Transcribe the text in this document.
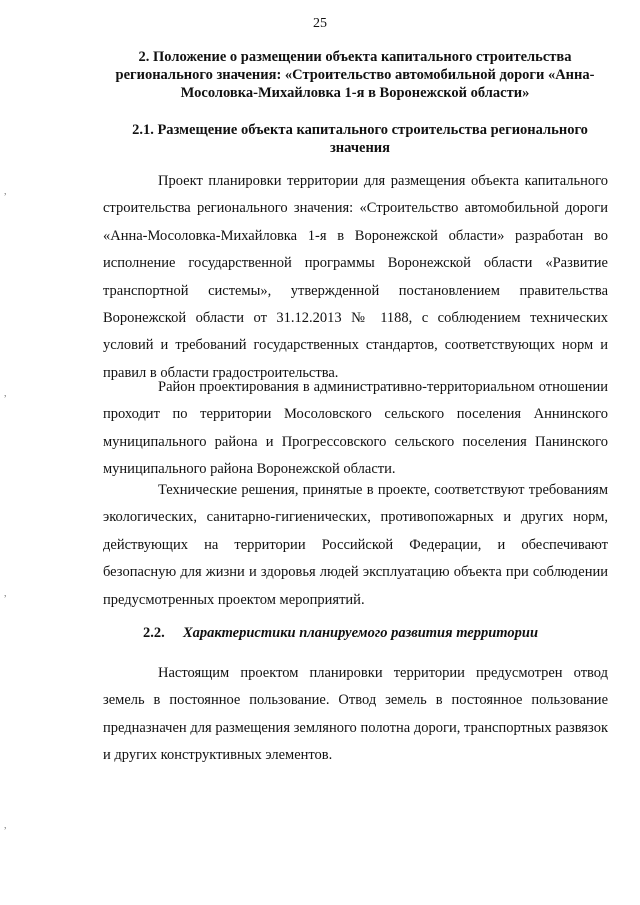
25
2. Положение о размещении объекта капитального строительства регионального значения: «Строительство автомобильной дороги «Анна-Мосоловка-Михайловка 1-я в Воронежской области»
2.1. Размещение объекта капитального строительства регионального значения

Проект планировки территории для размещения объекта капитального строительства регионального значения: «Строительство автомобильной дороги «Анна-Мосоловка-Михайловка 1-я в Воронежской области» разработан во исполнение государственной программы Воронежской области «Развитие транспортной системы», утвержденной постановлением правительства Воронежской области от 31.12.2013 № 1188, с соблюдением технических условий и требований государственных стандартов, соответствующих норм и правил в области градостроительства.

Район проектирования в административно-территориальном отношении проходит по территории Мосоловского сельского поселения Аннинского муниципального района и Прогрессовского сельского поселения Панинского муниципального района Воронежской области.

Технические решения, принятые в проекте, соответствуют требованиям экологических, санитарно-гигиенических, противопожарных и других норм, действующих на территории Российской Федерации, и обеспечивают безопасную для жизни и здоровья людей эксплуатацию объекта при соблюдении предусмотренных проектом мероприятий.

2.2. Характеристики планируемого развития территории

Настоящим проектом планировки территории предусмотрен отвод земель в постоянное пользование. Отвод земель в постоянное пользование предназначен для размещения земляного полотна дороги, транспортных развязок и других конструктивных элементов.

,
,
,
,
